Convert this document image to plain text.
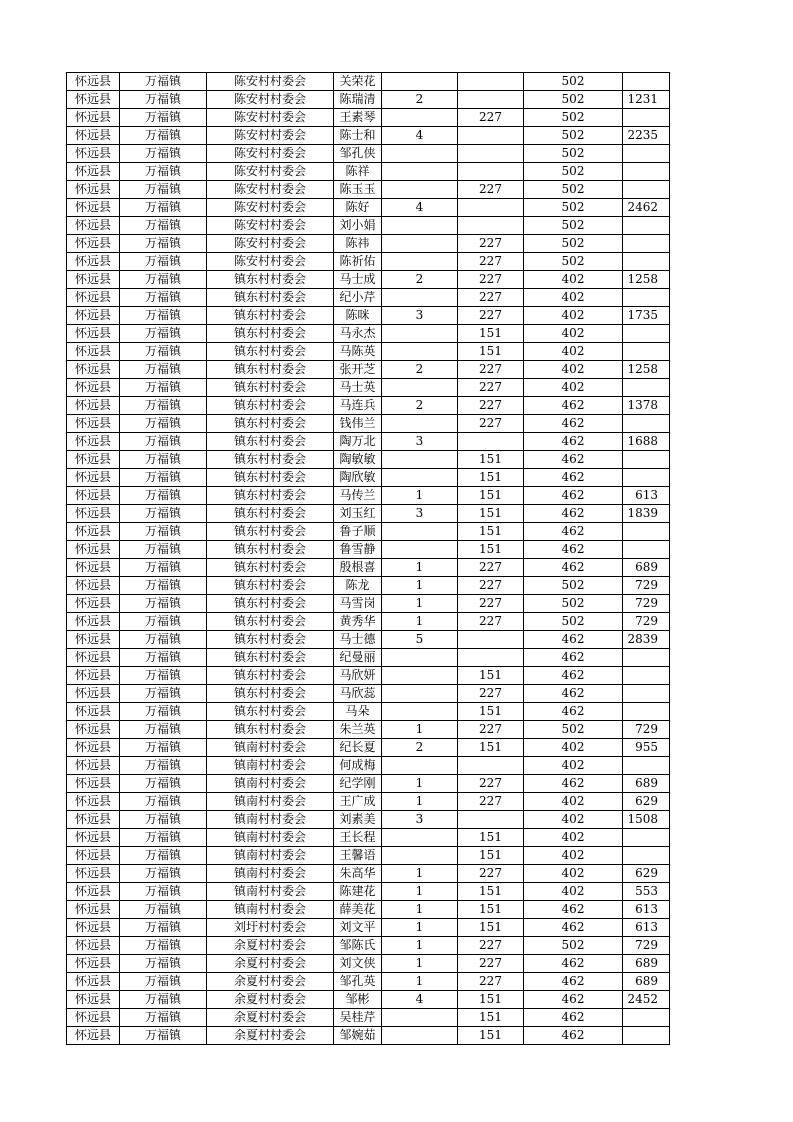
怀远县	万福镇	陈安村村委会	关荣花			502	
怀远县	万福镇	陈安村村委会	陈瑞清	2		502	1231
怀远县	万福镇	陈安村村委会	王素琴		227	502	
怀远县	万福镇	陈安村村委会	陈士和	4		502	2235
怀远县	万福镇	陈安村村委会	邹孔侠			502	
怀远县	万福镇	陈安村村委会	陈祥			502	
怀远县	万福镇	陈安村村委会	陈玉玉		227	502	
怀远县	万福镇	陈安村村委会	陈好	4		502	2462
怀远县	万福镇	陈安村村委会	刘小娟			502	
怀远县	万福镇	陈安村村委会	陈祎		227	502	
怀远县	万福镇	陈安村村委会	陈祈佑		227	502	
怀远县	万福镇	镇东村村委会	马士成	2	227	402	1258
怀远县	万福镇	镇东村村委会	纪小芹		227	402	
怀远县	万福镇	镇东村村委会	陈咪	3	227	402	1735
怀远县	万福镇	镇东村村委会	马永杰		151	402	
怀远县	万福镇	镇东村村委会	马陈英		151	402	
怀远县	万福镇	镇东村村委会	张开芝	2	227	402	1258
怀远县	万福镇	镇东村村委会	马士英		227	402	
怀远县	万福镇	镇东村村委会	马连兵	2	227	462	1378
怀远县	万福镇	镇东村村委会	钱伟兰		227	462	
怀远县	万福镇	镇东村村委会	陶万北	3		462	1688
怀远县	万福镇	镇东村村委会	陶敏敏		151	462	
怀远县	万福镇	镇东村村委会	陶欣敏		151	462	
怀远县	万福镇	镇东村村委会	马传兰	1	151	462	613
怀远县	万福镇	镇东村村委会	刘玉红	3	151	462	1839
怀远县	万福镇	镇东村村委会	鲁子顺		151	462	
怀远县	万福镇	镇东村村委会	鲁雪静		151	462	
怀远县	万福镇	镇东村村委会	殷根喜	1	227	462	689
怀远县	万福镇	镇东村村委会	陈龙	1	227	502	729
怀远县	万福镇	镇东村村委会	马雪岗	1	227	502	729
怀远县	万福镇	镇东村村委会	黄秀华	1	227	502	729
怀远县	万福镇	镇东村村委会	马士德	5		462	2839
怀远县	万福镇	镇东村村委会	纪曼丽			462	
怀远县	万福镇	镇东村村委会	马欣妍		151	462	
怀远县	万福镇	镇东村村委会	马欣蕊		227	462	
怀远县	万福镇	镇东村村委会	马朵		151	462	
怀远县	万福镇	镇东村村委会	朱兰英	1	227	502	729
怀远县	万福镇	镇南村村委会	纪长夏	2	151	402	955
怀远县	万福镇	镇南村村委会	何成梅			402	
怀远县	万福镇	镇南村村委会	纪学刚	1	227	462	689
怀远县	万福镇	镇南村村委会	王广成	1	227	402	629
怀远县	万福镇	镇南村村委会	刘素美	3		402	1508
怀远县	万福镇	镇南村村委会	王长程		151	402	
怀远县	万福镇	镇南村村委会	王馨语		151	402	
怀远县	万福镇	镇南村村委会	朱高华	1	227	402	629
怀远县	万福镇	镇南村村委会	陈建花	1	151	402	553
怀远县	万福镇	镇南村村委会	薛美花	1	151	462	613
怀远县	万福镇	刘圩村村委会	刘文平	1	151	462	613
怀远县	万福镇	余夏村村委会	邹陈氏	1	227	502	729
怀远县	万福镇	余夏村村委会	刘文侠	1	227	462	689
怀远县	万福镇	余夏村村委会	邹孔英	1	227	462	689
怀远县	万福镇	余夏村村委会	邹彬	4	151	462	2452
怀远县	万福镇	余夏村村委会	吴桂芹		151	462	
怀远县	万福镇	余夏村村委会	邹婉茹		151	462	
